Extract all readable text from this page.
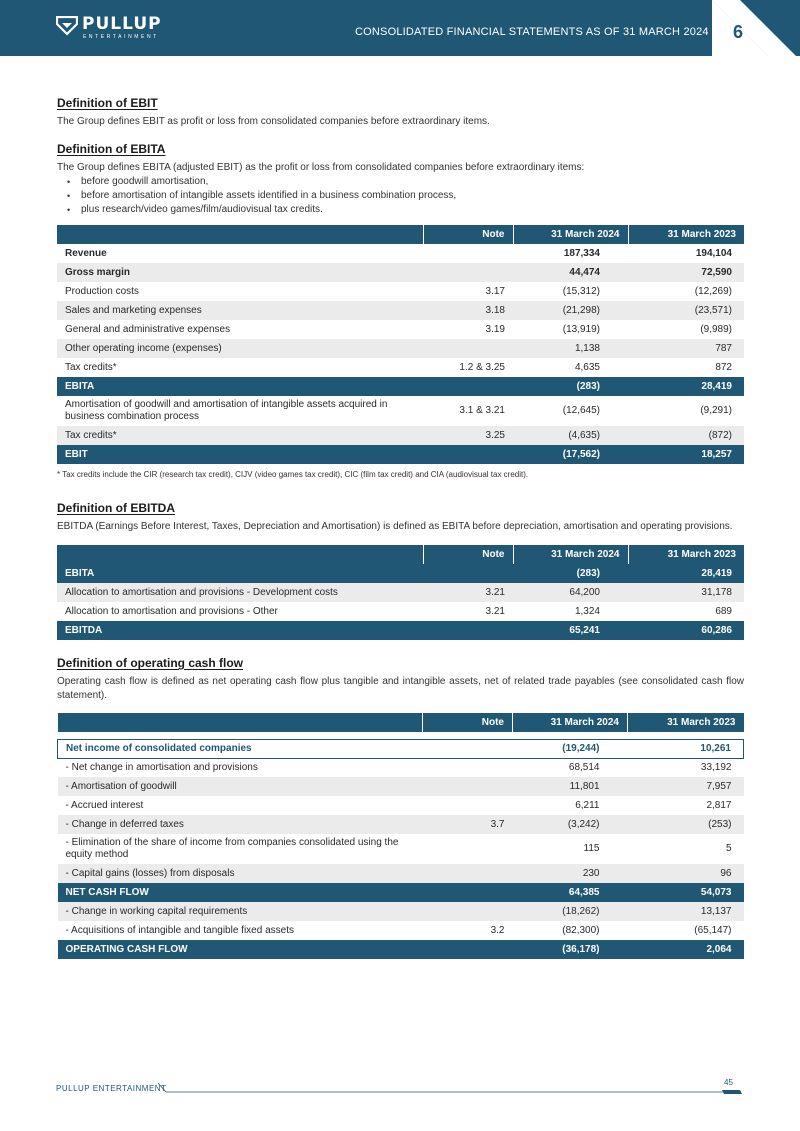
PULLUP
ENTERTAINMENT	CONSOLIDATED FINANCIAL STATEMENTS AS OF 31 MARCH 2024 6
Definition of EBIT

The Group defines EBIT as profit or loss from consolidated companies before extraordinary items.

Definition of EBITA

The Group defines EBITA (adjusted EBIT) as the profit or loss from consolidated companies before extraordinary items:

• before goodwill amortisation,
• before amortisation of intangible assets identified in a business combination process,
• plus research/video games/film/audiovisual tax credits.
	Note	31 March 2024	31 March 2023
Revenue		187,334	194,104
Gross margin		44,474	72,590
Production costs	3.17	(15,312)	(12,269)
Sales and marketing expenses	3.18	(21,298)	(23,571)
General and administrative expenses	3.19	(13,919)	(9,989)
Other operating income (expenses)		1,138	787
Tax credits*	1.2 & 3.25	4,635	872
EBITA		(283)	28,419
Amortisation of goodwill and amortisation of intangible assets acquired in business combination process	3.1 & 3.21	(12,645)	(9,291)
Tax credits*	3.25	(4,635)	(872)
EBIT		(17,562)	18,257

* Tax credits include the CIR (research tax credit), CIJV (video games tax credit), CIC (film tax credit) and CIA (audiovisual tax credit).

Definition of EBITDA

EBITDA (Earnings Before Interest, Taxes, Depreciation and Amortisation) is defined as EBITA before depreciation, amortisation and operating provisions.

	Note	31 March 2024	31 March 2023
EBITA		(283)	28,419
Allocation to amortisation and provisions - Development costs	3.21	64,200	31,178
Allocation to amortisation and provisions - Other	3.21	1,324	689
EBITDA		65,241	60,286
Definition of operating cash flow

Operating cash flow is defined as net operating cash flow plus tangible and intangible assets, net of related trade payables (see consolidated cash flow statement).

	Note	31 March 2024	31 March 2023

Net income of consolidated companies		(19,244)	10,261
- Net change in amortisation and provisions		68,514	33,192
- Amortisation of goodwill		11,801	7,957
- Accrued interest		6,211	2,817
- Change in deferred taxes	3.7	(3,242)	(253)
- Elimination of the share of income from companies consolidated using the equity method		115	5
- Capital gains (losses) from disposals		230	96
NET CASH FLOW		64,385	54,073
- Change in working capital requirements		(18,262)	13,137
- Acquisitions of intangible and tangible fixed assets	3.2	(82,300)	(65,147)
OPERATING CASH FLOW		(36,178)	2,064
PULLUP ENTERTAINMENT
45
